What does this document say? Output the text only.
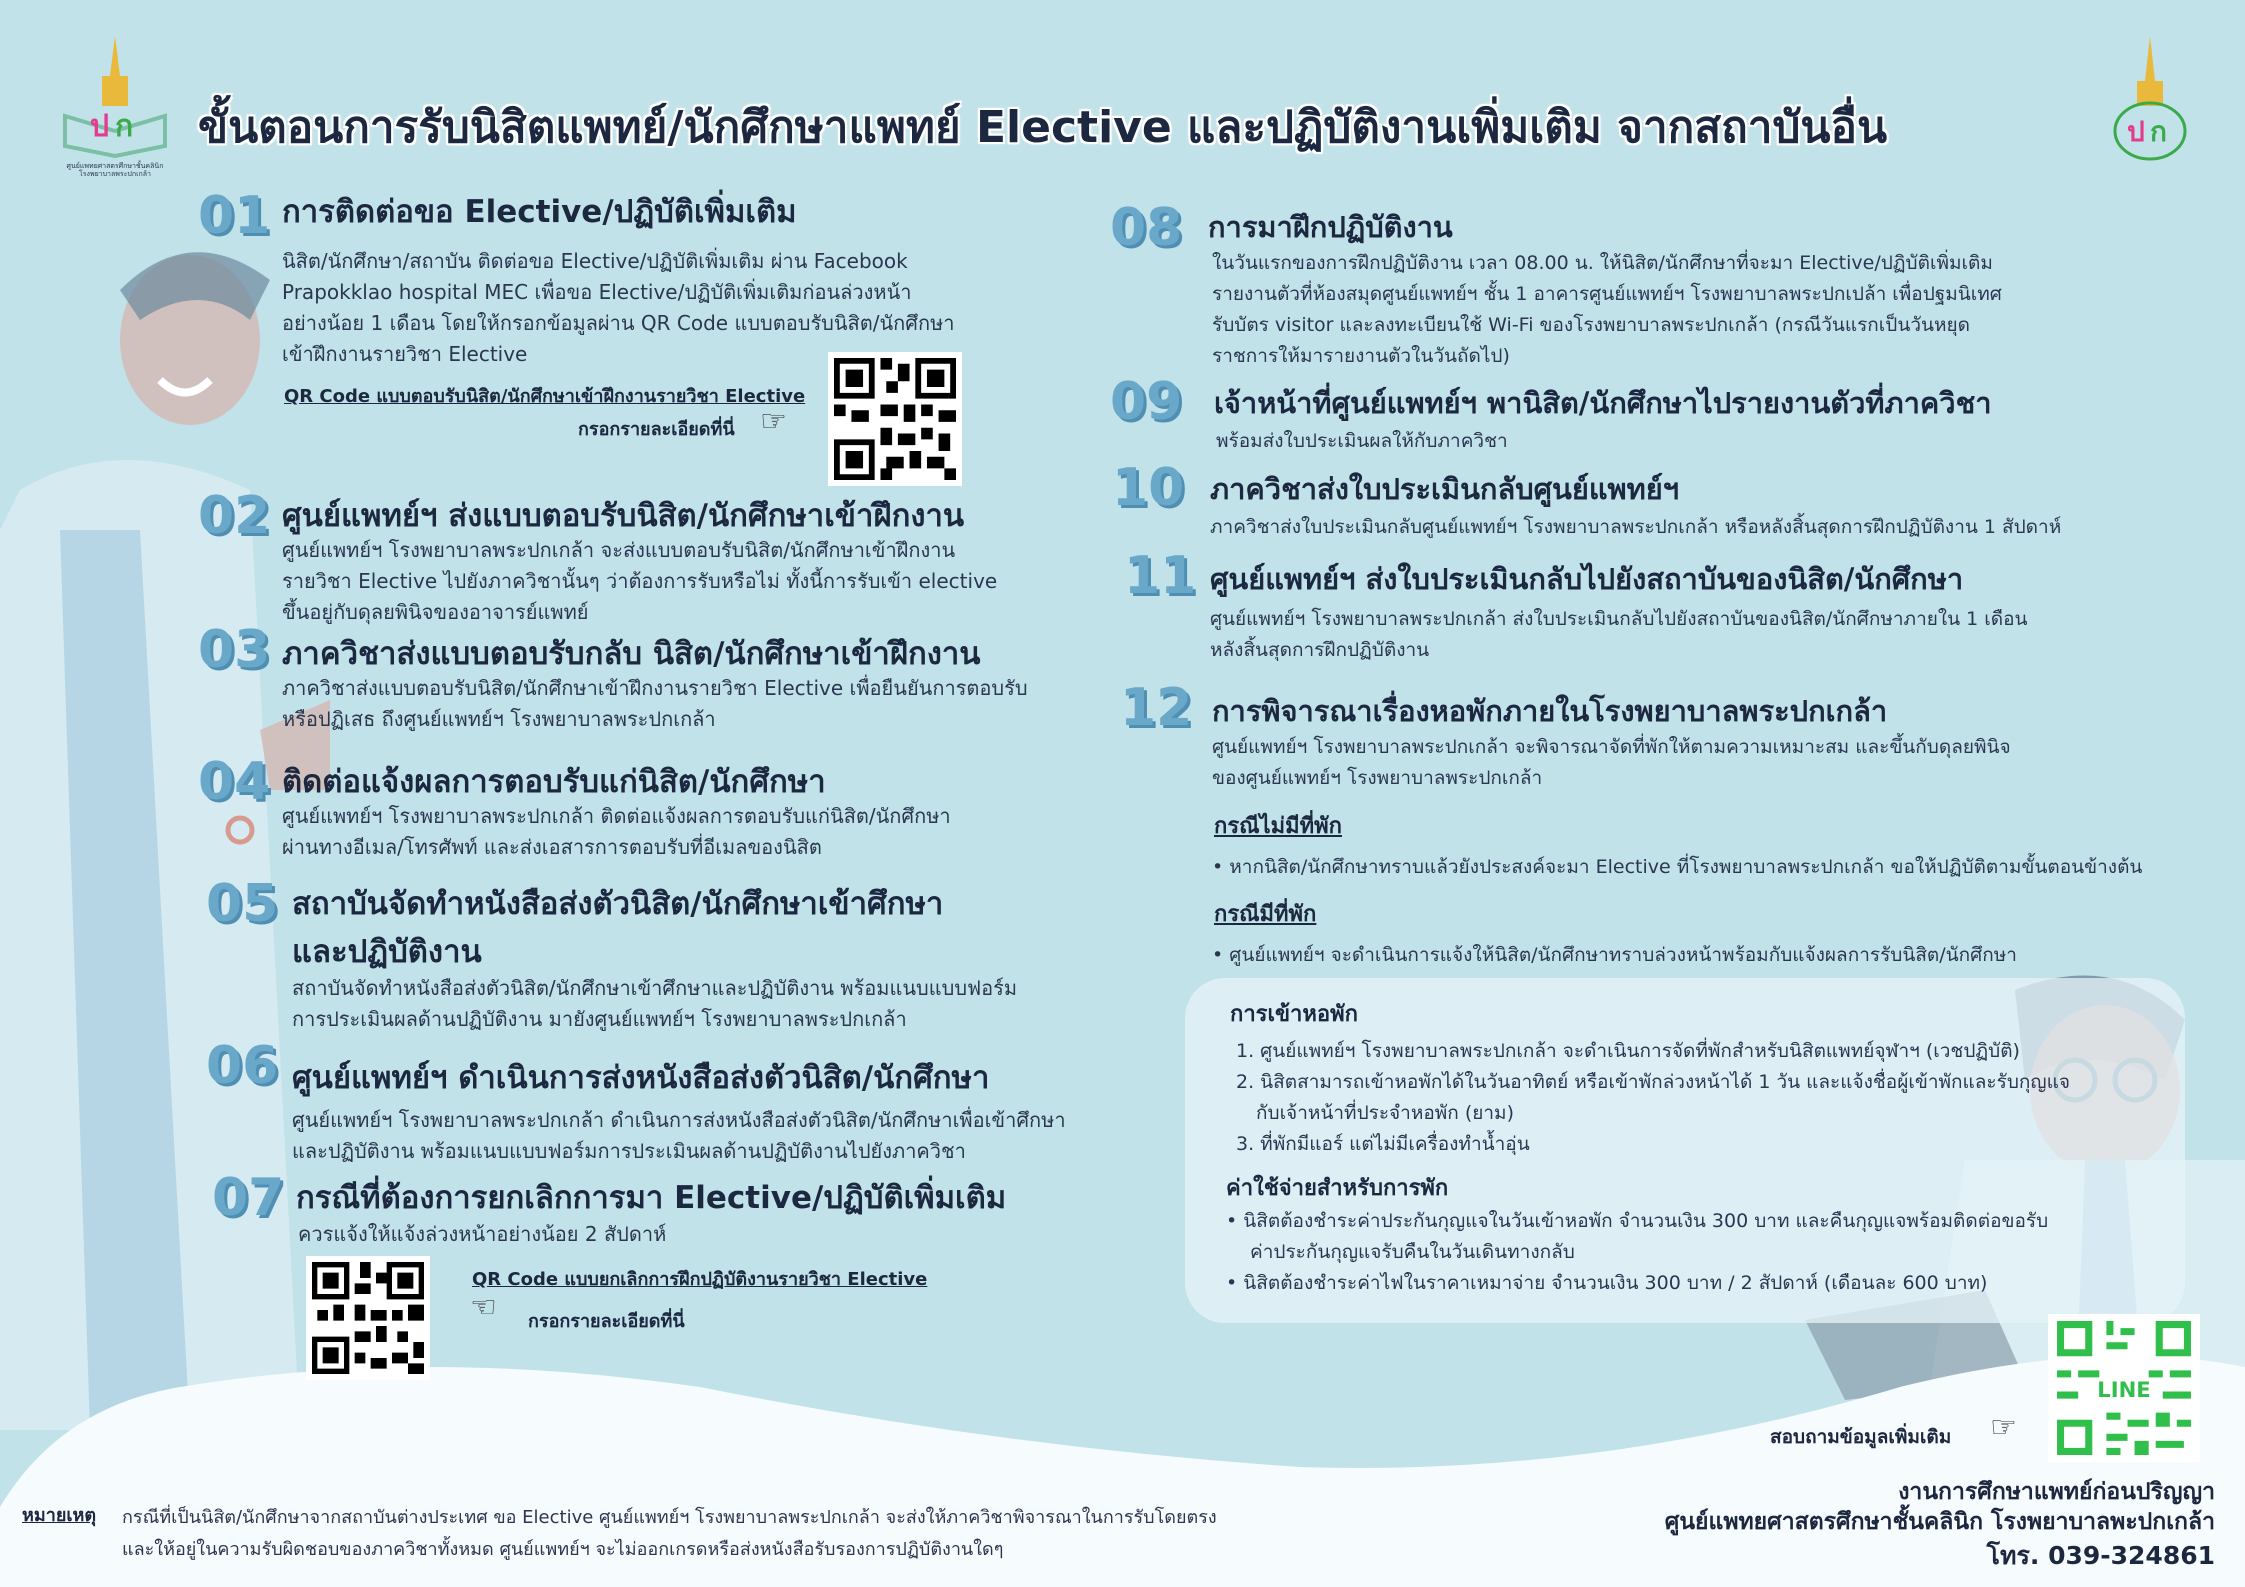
ป ก
ศูนย์แพทยศาสตรศึกษาชั้นคลินิก
โรงพยาบาลพระปกเกล้า
ป ก
ขั้นตอนการรับนิสิตแพทย์/นักศึกษาแพทย์ Elective และปฏิบัติงานเพิ่มเติม จากสถาบันอื่น
01 การติดต่อขอ Elective/ปฏิบัติเพิ่มเติม
นิสิต/นักศึกษา/สถาบัน ติดต่อขอ Elective/ปฏิบัติเพิ่มเติม ผ่าน Facebook
Prapokklao hospital MEC เพื่อขอ Elective/ปฏิบัติเพิ่มเติมก่อนล่วงหน้า
อย่างน้อย 1 เดือน โดยให้กรอกข้อมูลผ่าน QR Code แบบตอบรับนิสิต/นักศึกษา
เข้าฝึกงานรายวิชา Elective
QR Code แบบตอบรับนิสิต/นักศึกษาเข้าฝึกงานรายวิชา Elective
กรอกรายละเอียดที่นี่ ☞
02 ศูนย์แพทย์ฯ ส่งแบบตอบรับนิสิต/นักศึกษาเข้าฝึกงาน
ศูนย์แพทย์ฯ โรงพยาบาลพระปกเกล้า จะส่งแบบตอบรับนิสิต/นักศึกษาเข้าฝึกงาน
รายวิชา Elective ไปยังภาควิชานั้นๆ ว่าต้องการรับหรือไม่ ทั้งนี้การรับเข้า elective
ขึ้นอยู่กับดุลยพินิจของอาจารย์แพทย์
03 ภาควิชาส่งแบบตอบรับกลับ นิสิต/นักศึกษาเข้าฝึกงาน
ภาควิชาส่งแบบตอบรับนิสิต/นักศึกษาเข้าฝึกงานรายวิชา Elective เพื่อยืนยันการตอบรับ
หรือปฏิเสธ ถึงศูนย์แพทย์ฯ โรงพยาบาลพระปกเกล้า
04 ติดต่อแจ้งผลการตอบรับแก่นิสิต/นักศึกษา
ศูนย์แพทย์ฯ โรงพยาบาลพระปกเกล้า ติดต่อแจ้งผลการตอบรับแก่นิสิต/นักศึกษา
ผ่านทางอีเมล/โทรศัพท์ และส่งเอสารการตอบรับที่อีเมลของนิสิต
05 สถาบันจัดทำหนังสือส่งตัวนิสิต/นักศึกษาเข้าศึกษา
และปฏิบัติงาน
สถาบันจัดทำหนังสือส่งตัวนิสิต/นักศึกษาเข้าศึกษาและปฏิบัติงาน พร้อมแนบแบบฟอร์ม
การประเมินผลด้านปฏิบัติงาน มายังศูนย์แพทย์ฯ โรงพยาบาลพระปกเกล้า
06 ศูนย์แพทย์ฯ ดำเนินการส่งหนังสือส่งตัวนิสิต/นักศึกษา
ศูนย์แพทย์ฯ โรงพยาบาลพระปกเกล้า ดำเนินการส่งหนังสือส่งตัวนิสิต/นักศึกษาเพื่อเข้าศึกษา
และปฏิบัติงาน พร้อมแนบแบบฟอร์มการประเมินผลด้านปฏิบัติงานไปยังภาควิชา
07 กรณีที่ต้องการยกเลิกการมา Elective/ปฏิบัติเพิ่มเติม
ควรแจ้งให้แจ้งล่วงหน้าอย่างน้อย 2 สัปดาห์
QR Code แบบยกเลิกการฝึกปฏิบัติงานรายวิชา Elective
☜ กรอกรายละเอียดที่นี่
08 การมาฝึกปฏิบัติงาน
ในวันแรกของการฝึกปฏิบัติงาน เวลา 08.00 น. ให้นิสิต/นักศึกษาที่จะมา Elective/ปฏิบัติเพิ่มเติม
รายงานตัวที่ห้องสมุดศูนย์แพทย์ฯ ชั้น 1 อาคารศูนย์แพทย์ฯ โรงพยาบาลพระปกเปล้า เพื่อปฐมนิเทศ
รับบัตร visitor และลงทะเบียนใช้ Wi-Fi ของโรงพยาบาลพระปกเกล้า (กรณีวันแรกเป็นวันหยุด
ราชการให้มารายงานตัวในวันถัดไป)
09 เจ้าหน้าที่ศูนย์แพทย์ฯ พานิสิต/นักศึกษาไปรายงานตัวที่ภาควิชา
พร้อมส่งใบประเมินผลให้กับภาควิชา
10 ภาควิชาส่งใบประเมินกลับศูนย์แพทย์ฯ
ภาควิชาส่งใบประเมินกลับศูนย์แพทย์ฯ โรงพยาบาลพระปกเกล้า หรือหลังสิ้นสุดการฝึกปฏิบัติงาน 1 สัปดาห์
11 ศูนย์แพทย์ฯ ส่งใบประเมินกลับไปยังสถาบันของนิสิต/นักศึกษา
ศูนย์แพทย์ฯ โรงพยาบาลพระปกเกล้า ส่งใบประเมินกลับไปยังสถาบันของนิสิต/นักศึกษาภายใน 1 เดือน
หลังสิ้นสุดการฝึกปฏิบัติงาน
12 การพิจารณาเรื่องหอพักภายในโรงพยาบาลพระปกเกล้า
ศูนย์แพทย์ฯ โรงพยาบาลพระปกเกล้า จะพิจารณาจัดที่พักให้ตามความเหมาะสม และขึ้นกับดุลยพินิจ
ของศูนย์แพทย์ฯ โรงพยาบาลพระปกเกล้า
กรณีไม่มีที่พัก
• หากนิสิต/นักศึกษาทราบแล้วยังประสงค์จะมา Elective ที่โรงพยาบาลพระปกเกล้า ขอให้ปฏิบัติตามขั้นตอนข้างต้น
กรณีมีที่พัก
• ศูนย์แพทย์ฯ จะดำเนินการแจ้งให้นิสิต/นักศึกษาทราบล่วงหน้าพร้อมกับแจ้งผลการรับนิสิต/นักศึกษา
การเข้าหอพัก
1. ศูนย์แพทย์ฯ โรงพยาบาลพระปกเกล้า จะดำเนินการจัดที่พักสำหรับนิสิตแพทย์จุฬาฯ (เวชปฏิบัติ)
2. นิสิตสามารถเข้าหอพักได้ในวันอาทิตย์ หรือเข้าพักล่วงหน้าได้ 1 วัน และแจ้งชื่อผู้เข้าพักและรับกุญแจ
กับเจ้าหน้าที่ประจำหอพัก (ยาม)
3. ที่พักมีแอร์ แต่ไม่มีเครื่องทำน้ำอุ่น
ค่าใช้จ่ายสำหรับการพัก
• นิสิตต้องชำระค่าประกันกุญแจในวันเข้าหอพัก จำนวนเงิน 300 บาท และคืนกุญแจพร้อมติดต่อขอรับ
ค่าประกันกุญแจรับคืนในวันเดินทางกลับ
• นิสิตต้องชำระค่าไฟในราคาเหมาจ่าย จำนวนเงิน 300 บาท / 2 สัปดาห์ (เดือนละ 600 บาท)
สอบถามข้อมูลเพิ่มเติม ☞
LINE
งานการศึกษาแพทย์ก่อนปริญญา
ศูนย์แพทยศาสตรศึกษาชั้นคลินิก โรงพยาบาลพะปกเกล้า
โทร. 039-324861
หมายเหตุ กรณีที่เป็นนิสิต/นักศึกษาจากสถาบันต่างประเทศ ขอ Elective ศูนย์แพทย์ฯ โรงพยาบาลพระปกเกล้า จะส่งให้ภาควิชาพิจารณาในการรับโดยตรง
และให้อยู่ในความรับผิดชอบของภาควิชาทั้งหมด ศูนย์แพทย์ฯ จะไม่ออกเกรดหรือส่งหนังสือรับรองการปฏิบัติงานใดๆ
